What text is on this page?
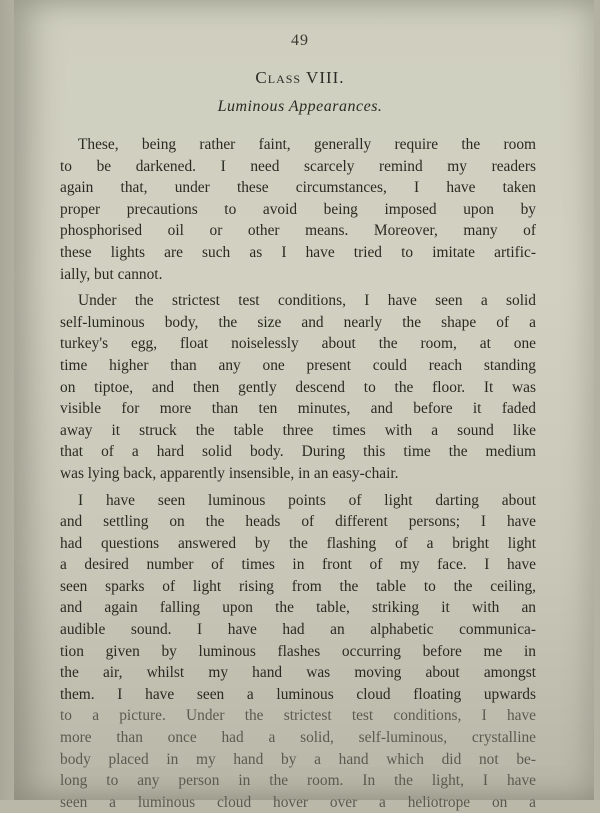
49
Class VIII.
Luminous Appearances.
These, being rather faint, generally require the room
to be darkened. I need scarcely remind my readers
again that, under these circumstances, I have taken
proper precautions to avoid being imposed upon by
phosphorised oil or other means. Moreover, many of
these lights are such as I have tried to imitate artific-
ially, but cannot.
Under the strictest test conditions, I have seen a solid
self-luminous body, the size and nearly the shape of a
turkey's egg, float noiselessly about the room, at one
time higher than any one present could reach standing
on tiptoe, and then gently descend to the floor. It was
visible for more than ten minutes, and before it faded
away it struck the table three times with a sound like
that of a hard solid body. During this time the medium
was lying back, apparently insensible, in an easy-chair.
I have seen luminous points of light darting about
and settling on the heads of different persons; I have
had questions answered by the flashing of a bright light
a desired number of times in front of my face. I have
seen sparks of light rising from the table to the ceiling,
and again falling upon the table, striking it with an
audible sound. I have had an alphabetic communica-
tion given by luminous flashes occurring before me in
the air, whilst my hand was moving about amongst
them. I have seen a luminous cloud floating upwards
to a picture. Under the strictest test conditions, I have
more than once had a solid, self-luminous, crystalline
body placed in my hand by a hand which did not be-
long to any person in the room. In the light, I have
seen a luminous cloud hover over a heliotrope on a
